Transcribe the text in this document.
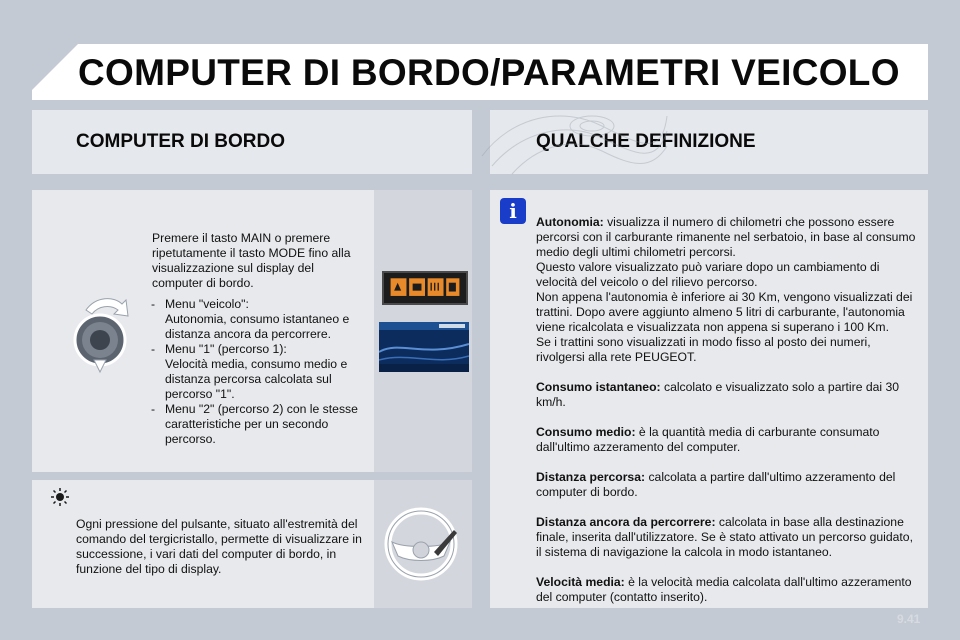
COMPUTER DI BORDO/PARAMETRI VEICOLO
COMPUTER DI BORDO	QUALCHE DEFINIZIONE

Premere il tasto MAIN o premere ripetutamente il tasto MODE fino alla visualizzazione sul display del computer di bordo.

- Menu "veicolo":
Autonomia, consumo istantaneo e distanza ancora da percorrere.
- Menu "1" (percorso 1):
Velocità media, consumo medio e distanza percorsa calcolata sul percorso "1".
- Menu "2" (percorso 2) con le stesse caratteristiche per un secondo percorso.

Ogni pressione del pulsante, situato all'estremità del comando del tergicristallo, permette di visualizzare in successione, i vari dati del computer di bordo, in funzione del tipo di display.

i	Autonomia: visualizza il numero di chilometri che possono essere percorsi con il carburante rimanente nel serbatoio, in base al consumo medio degli ultimi chilometri percorsi.
Questo valore visualizzato può variare dopo un cambiamento di velocità del veicolo o del rilievo percorso.
Non appena l'autonomia è inferiore ai 30 Km, vengono visualizzati dei trattini. Dopo avere aggiunto almeno 5 litri di carburante, l'autonomia viene ricalcolata e visualizzata non appena si superano i 100 Km.
Se i trattini sono visualizzati in modo fisso al posto dei numeri, rivolgersi alla rete PEUGEOT.

Consumo istantaneo: calcolato e visualizzato solo a partire dai 30 km/h.

Consumo medio: è la quantità media di carburante consumato dall'ultimo azzeramento del computer.

Distanza percorsa: calcolata a partire dall'ultimo azzeramento del computer di bordo.

Distanza ancora da percorrere: calcolata in base alla destinazione finale, inserita dall'utilizzatore. Se è stato attivato un percorso guidato, il sistema di navigazione la calcola in modo istantaneo.

Velocità media: è la velocità media calcolata dall'ultimo azzeramento del computer (contatto inserito).

9.41
